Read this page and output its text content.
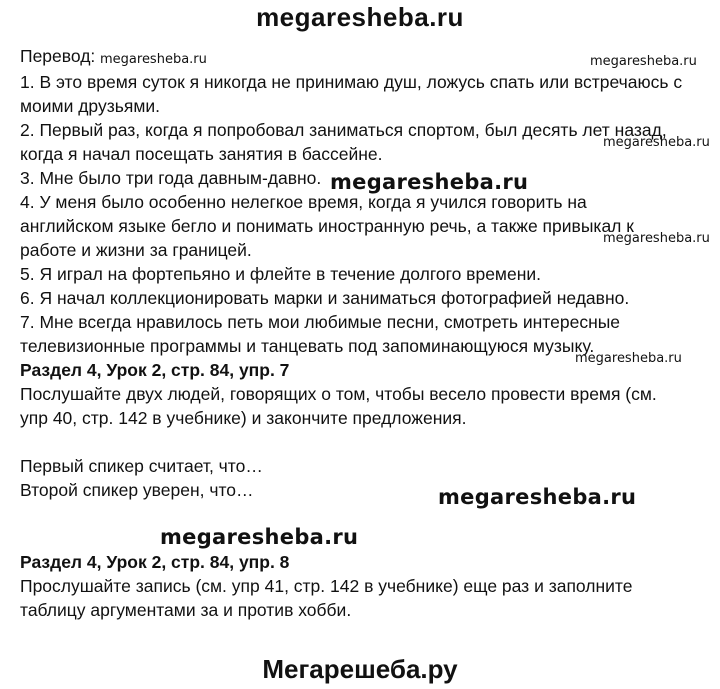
megaresheba.ru
Перевод:
1. В это время суток я никогда не принимаю душ, ложусь спать или встречаюсь с
моими друзьями.
2. Первый раз, когда я попробовал заниматься спортом, был десять лет назад,
когда я начал посещать занятия в бассейне.
3. Мне было три года давным-давно.
4. У меня было особенно нелегкое время, когда я учился говорить на
английском языке бегло и понимать иностранную речь, а также привыкал к
работе и жизни за границей.
5. Я играл на фортепьяно и флейте в течение долгого времени.
6. Я начал коллекционировать марки и заниматься фотографией недавно.
7. Мне всегда нравилось петь мои любимые песни, смотреть интересные
телевизионные программы и танцевать под запоминающуюся музыку.
Раздел 4, Урок 2, стр. 84, упр. 7
Послушайте двух людей, говорящих о том, чтобы весело провести время (см.
упр 40, стр. 142 в учебнике) и закончите предложения.
Первый спикер считает, что…
Второй спикер уверен, что…
Раздел 4, Урок 2, стр. 84, упр. 8
Прослушайте запись (см. упр 41, стр. 142 в учебнике) еще раз и заполните
таблицу аргументами за и против хобби.
megaresheba.ru	megaresheba.ru
megaresheba.ru
megaresheba.ru
megaresheba.ru
megaresheba.ru
megaresheba.ru
megaresheba.ru
Мегарешеба.ру
